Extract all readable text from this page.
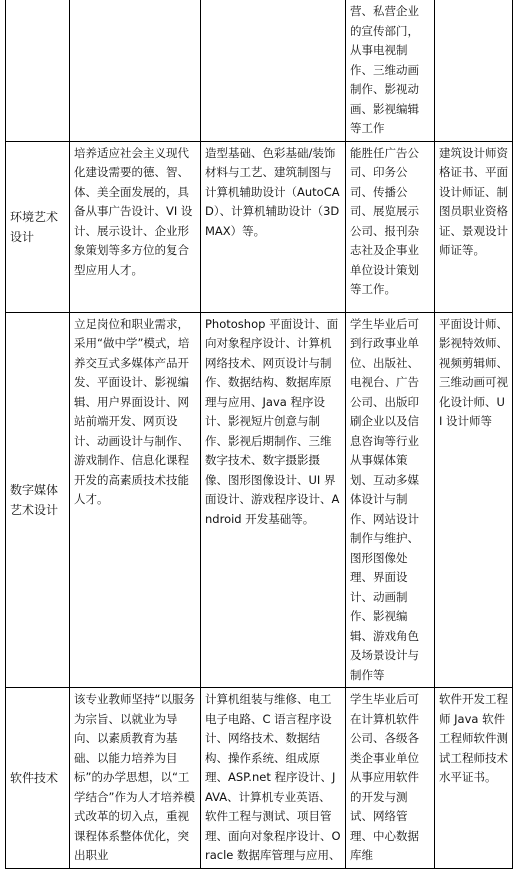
			营、私营企业的宣传部门，从事电视制作、三维动画制作、影视动画、影视编辑等工作	
环境艺术设计	培养适应社会主义现代化建设需要的德、智、体、美全面发展的，具备从事广告设计、VI 设计、展示设计、企业形象策划等多方位的复合型应用人才。	造型基础、色彩基础/装饰材料与工艺、建筑制图与计算机辅助设计（AutoCAD）、计算机辅助设计（3DMAX）等。	能胜任广告公司、印务公司、传播公司、展览展示公司、报刊杂志社及企事业单位设计策划等工作。	建筑设计师资格证书、平面设计师证、制图员职业资格证、景观设计师证等。
数字媒体艺术设计	立足岗位和职业需求，采用“做中学”模式，培养交互式多媒体产品开发、平面设计、影视编辑、用户界面设计、网站前端开发、网页设计、动画设计与制作、游戏制作、信息化课程开发的高素质技术技能人才。	Photoshop 平面设计、面向对象程序设计、计算机网络技术、网页设计与制作、数据结构、数据库原理与应用、Java 程序设计、影视短片创意与制作、影视后期制作、三维数字技术、数字摄影摄像、图形图像设计、UI 界面设计、游戏程序设计、Android 开发基础等。	学生毕业后可到行政事业单位、出版社、电视台、广告公司、出版印刷企业以及信息咨询等行业从事媒体策划、互动多媒体设计与制作、网站设计制作与维护、图形图像处理、界面设计、动画制作、影视编辑、游戏角色及场景设计与制作等	平面设计师、影视特效师、视频剪辑师、三维动画可视化设计师、UI 设计师等
软件技术	该专业教师坚持“以服务为宗旨、以就业为导向、以素质教育为基础、以能力培养为目标”的办学思想，以“工学结合”作为人才培养模式改革的切入点，重视课程体系整体优化，突出职业	计算机组装与维修、电工电子电路、C 语言程序设计、网络技术、数据结构、操作系统、组成原理、ASP.net 程序设计、JAVA、计算机专业英语、软件工程与测试、项目管理、面向对象程序设计、Oracle 数据库管理与应用、	学生毕业后可在计算机软件公司、各级各类企事业单位从事应用软件的开发与测试、网络管理、中心数据库维	软件开发工程师 Java 软件工程师软件测试工程师技术水平证书。
